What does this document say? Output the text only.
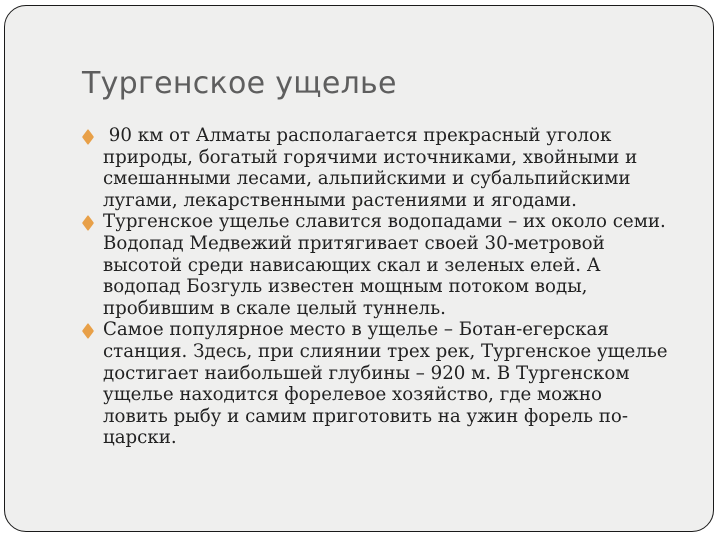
Тургенское ущелье
90 км от Алматы располагается прекрасный уголок
природы, богатый горячими источниками, хвойными и
смешанными лесами, альпийскими и субальпийскими
лугами, лекарственными растениями и ягодами.
Тургенское ущелье славится водопадами – их около семи.
Водопад Медвежий притягивает своей 30-метровой
высотой среди нависающих скал и зеленых елей. А
водопад Бозгуль известен мощным потоком воды,
пробившим в скале целый туннель.
Самое популярное место в ущелье – Ботан-егерская
станция. Здесь, при слиянии трех рек, Тургенское ущелье
достигает наибольшей глубины – 920 м. В Тургенском
ущелье находится форелевое хозяйство, где можно
ловить рыбу и самим приготовить на ужин форель по-
царски.
